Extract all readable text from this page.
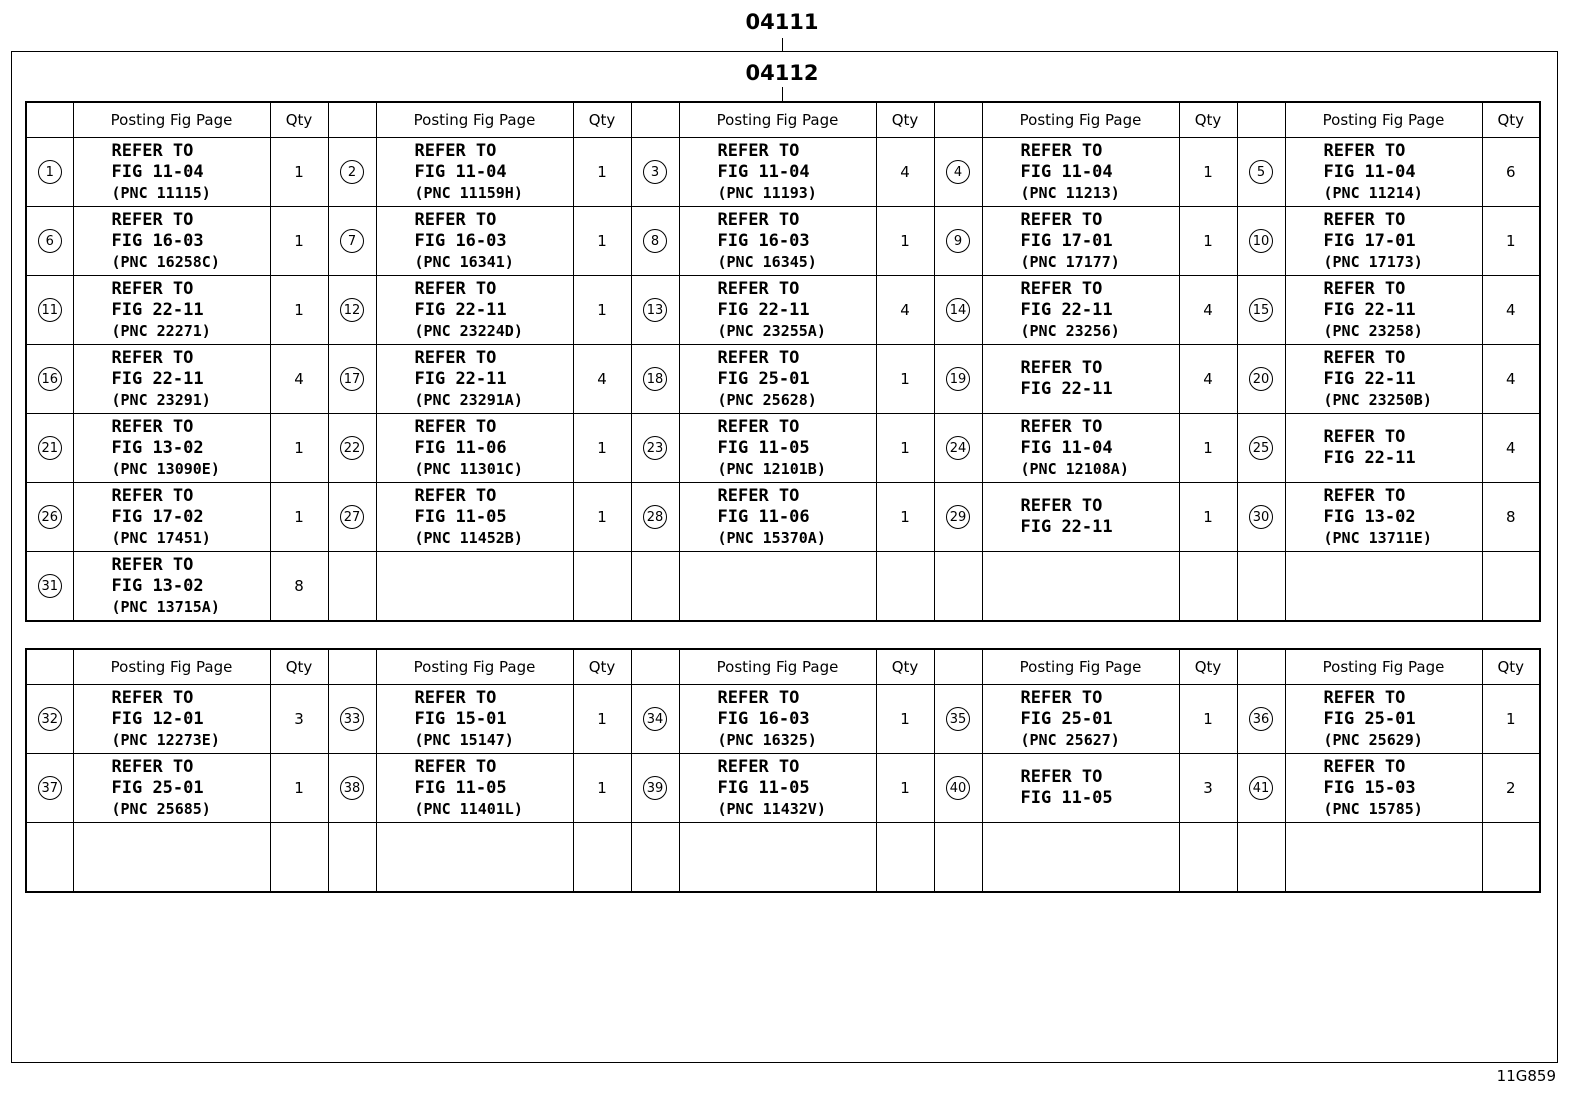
04111
04112
	Posting Fig Page	Qty		Posting Fig Page	Qty		Posting Fig Page	Qty		Posting Fig Page	Qty		Posting Fig Page	Qty
1	REFER TO
FIG 11-04
(PNC 11115)	1	2	REFER TO
FIG 11-04
(PNC 11159H)	1	3	REFER TO
FIG 11-04
(PNC 11193)	4	4	REFER TO
FIG 11-04
(PNC 11213)	1	5	REFER TO
FIG 11-04
(PNC 11214)	6
6	REFER TO
FIG 16-03
(PNC 16258C)	1	7	REFER TO
FIG 16-03
(PNC 16341)	1	8	REFER TO
FIG 16-03
(PNC 16345)	1	9	REFER TO
FIG 17-01
(PNC 17177)	1	10	REFER TO
FIG 17-01
(PNC 17173)	1
11	REFER TO
FIG 22-11
(PNC 22271)	1	12	REFER TO
FIG 22-11
(PNC 23224D)	1	13	REFER TO
FIG 22-11
(PNC 23255A)	4	14	REFER TO
FIG 22-11
(PNC 23256)	4	15	REFER TO
FIG 22-11
(PNC 23258)	4
16	REFER TO
FIG 22-11
(PNC 23291)	4	17	REFER TO
FIG 22-11
(PNC 23291A)	4	18	REFER TO
FIG 25-01
(PNC 25628)	1	19	REFER TO
FIG 22-11	4	20	REFER TO
FIG 22-11
(PNC 23250B)	4
21	REFER TO
FIG 13-02
(PNC 13090E)	1	22	REFER TO
FIG 11-06
(PNC 11301C)	1	23	REFER TO
FIG 11-05
(PNC 12101B)	1	24	REFER TO
FIG 11-04
(PNC 12108A)	1	25	REFER TO
FIG 22-11	4
26	REFER TO
FIG 17-02
(PNC 17451)	1	27	REFER TO
FIG 11-05
(PNC 11452B)	1	28	REFER TO
FIG 11-06
(PNC 15370A)	1	29	REFER TO
FIG 22-11	1	30	REFER TO
FIG 13-02
(PNC 13711E)	8
31	REFER TO
FIG 13-02
(PNC 13715A)	8												
	Posting Fig Page	Qty		Posting Fig Page	Qty		Posting Fig Page	Qty		Posting Fig Page	Qty		Posting Fig Page	Qty
32	REFER TO
FIG 12-01
(PNC 12273E)	3	33	REFER TO
FIG 15-01
(PNC 15147)	1	34	REFER TO
FIG 16-03
(PNC 16325)	1	35	REFER TO
FIG 25-01
(PNC 25627)	1	36	REFER TO
FIG 25-01
(PNC 25629)	1
37	REFER TO
FIG 25-01
(PNC 25685)	1	38	REFER TO
FIG 11-05
(PNC 11401L)	1	39	REFER TO
FIG 11-05
(PNC 11432V)	1	40	REFER TO
FIG 11-05	3	41	REFER TO
FIG 15-03
(PNC 15785)	2

11G859
